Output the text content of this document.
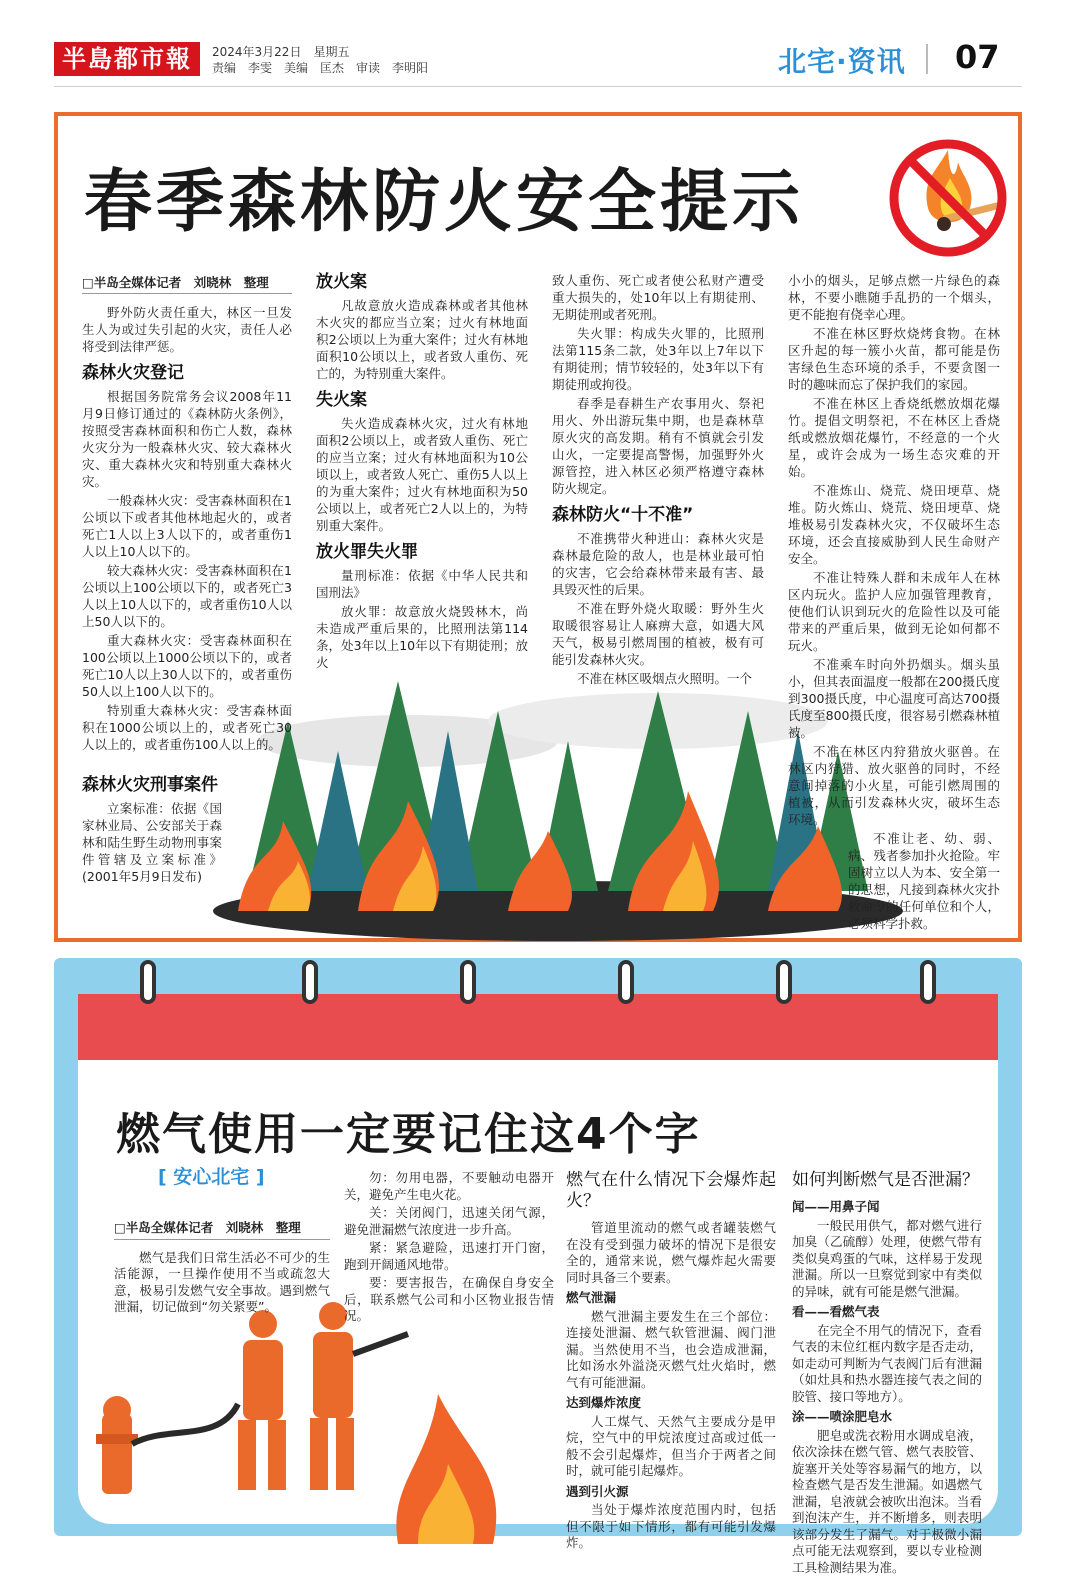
半島都市報	2024年3月22日　星期五
责编　李雯　美编　匡杰　审读　李明阳	北宅·资讯 07
春季森林防火安全提示
□半岛全媒体记者　刘晓林　整理

野外防火责任重大，林区一旦发生人为或过失引起的火灾，责任人必将受到法律严惩。

森林火灾登记

根据国务院常务会议2008年11月9日修订通过的《森林防火条例》，按照受害森林面积和伤亡人数，森林火灾分为一般森林火灾、较大森林火灾、重大森林火灾和特别重大森林火灾。

一般森林火灾：受害森林面积在1公顷以下或者其他林地起火的，或者死亡1人以上3人以下的，或者重伤1人以上10人以下的。

较大森林火灾：受害森林面积在1公顷以上100公顷以下的，或者死亡3人以上10人以下的，或者重伤10人以上50人以下的。

重大森林火灾：受害森林面积在100公顷以上1000公顷以下的，或者死亡10人以上30人以下的，或者重伤50人以上100人以下的。

特别重大森林火灾：受害森林面积在1000公顷以上的，或者死亡30人以上的，或者重伤100人以上的。

森林火灾刑事案件

立案标准：依据《国家林业局、公安部关于森林和陆生野生动物刑事案件管辖及立案标准》(2001年5月9日发布)

放火案

凡故意放火造成森林或者其他林木火灾的都应当立案；过火有林地面积2公顷以上为重大案件；过火有林地面积10公顷以上，或者致人重伤、死亡的，为特别重大案件。

失火案

失火造成森林火灾，过火有林地面积2公顷以上，或者致人重伤、死亡的应当立案；过火有林地面积为10公顷以上，或者致人死亡、重伤5人以上的为重大案件；过火有林地面积为50公顷以上，或者死亡2人以上的，为特别重大案件。

放火罪失火罪

量刑标准：依据《中华人民共和国刑法》

放火罪：故意放火烧毁林木，尚未造成严重后果的，比照刑法第114条，处3年以上10年以下有期徒刑；放火

致人重伤、死亡或者使公私财产遭受重大损失的，处10年以上有期徒刑、无期徒刑或者死刑。

失火罪：构成失火罪的，比照刑法第115条二款，处3年以上7年以下有期徒刑；情节较轻的，处3年以下有期徒刑或拘役。

春季是春耕生产农事用火、祭祀用火、外出游玩集中期，也是森林草原火灾的高发期。稍有不慎就会引发山火，一定要提高警惕，加强野外火源管控，进入林区必须严格遵守森林防火规定。

森林防火“十不准”

不准携带火种进山：森林火灾是森林最危险的敌人，也是林业最可怕的灾害，它会给森林带来最有害、最具毁灭性的后果。

不准在野外烧火取暖：野外生火取暖很容易让人麻痹大意，如遇大风天气，极易引燃周围的植被，极有可能引发森林火灾。

不准在林区吸烟点火照明。一个

小小的烟头，足够点燃一片绿色的森林，不要小瞧随手乱扔的一个烟头，更不能抱有侥幸心理。

不准在林区野炊烧烤食物。在林区升起的每一簇小火苗，都可能是伤害绿色生态环境的杀手，不要贪图一时的趣味而忘了保护我们的家园。

不准在林区上香烧纸燃放烟花爆竹。提倡文明祭祀，不在林区上香烧纸或燃放烟花爆竹，不经意的一个火星，或许会成为一场生态灾难的开始。

不准炼山、烧荒、烧田埂草、烧堆。防火炼山、烧荒、烧田埂草、烧堆极易引发森林火灾，不仅破坏生态环境，还会直接威胁到人民生命财产安全。

不准让特殊人群和未成年人在林区内玩火。监护人应加强管理教育，使他们认识到玩火的危险性以及可能带来的严重后果，做到无论如何都不玩火。

不准乘车时向外扔烟头。烟头虽小，但其表面温度一般都在200摄氏度到300摄氏度，中心温度可高达700摄氏度至800摄氏度，很容易引燃森林植被。

不准在林区内狩猎放火驱兽。在林区内狩猎、放火驱兽的同时，不经意间掉落的小火星，可能引燃周围的植被，从而引发森林火灾，破坏生态环境。

不准让老、幼、弱、病、残者参加扑火抢险。牢固树立以人为本、安全第一的思想，凡接到森林火灾扑救命令的任何单位和个人，必须科学扑救。

燃气使用一定要记住这4个字
[ 安心北宅 ]
□半岛全媒体记者　刘晓林　整理

燃气是我们日常生活必不可少的生活能源，一旦操作使用不当或疏忽大意，极易引发燃气安全事故。遇到燃气泄漏，切记做到“勿关紧要”。

勿：勿用电器，不要触动电器开关，避免产生电火花。

关：关闭阀门，迅速关闭气源，避免泄漏燃气浓度进一步升高。

紧：紧急避险，迅速打开门窗，跑到开阔通风地带。

要：要害报告，在确保自身安全后，联系燃气公司和小区物业报告情况。

燃气在什么情况下会爆炸起火？

管道里流动的燃气或者罐装燃气在没有受到强力破坏的情况下是很安全的，通常来说，燃气爆炸起火需要同时具备三个要素。

燃气泄漏

燃气泄漏主要发生在三个部位：连接处泄漏、燃气软管泄漏、阀门泄漏。当然使用不当，也会造成泄漏，比如汤水外溢浇灭燃气灶火焰时，燃气有可能泄漏。

达到爆炸浓度

人工煤气、天然气主要成分是甲烷，空气中的甲烷浓度过高或过低一般不会引起爆炸，但当介于两者之间时，就可能引起爆炸。

遇到引火源

当处于爆炸浓度范围内时，包括但不限于如下情形，都有可能引发爆炸。

如何判断燃气是否泄漏？
闻——用鼻子闻

一般民用供气，都对燃气进行加臭（乙硫醇）处理，使燃气带有类似臭鸡蛋的气味，这样易于发现泄漏。所以一旦察觉到家中有类似的异味，就有可能是燃气泄漏。

看——看燃气表

在完全不用气的情况下，查看气表的末位红框内数字是否走动，如走动可判断为气表阀门后有泄漏（如灶具和热水器连接气表之间的胶管、接口等地方）。

涂——喷涂肥皂水

肥皂或洗衣粉用水调成皂液，依次涂抹在燃气管、燃气表胶管、旋塞开关处等容易漏气的地方，以检查燃气是否发生泄漏。如遇燃气泄漏，皂液就会被吹出泡沫。当看到泡沫产生，并不断增多，则表明该部分发生了漏气。对于极微小漏点可能无法观察到，要以专业检测工具检测结果为准。
